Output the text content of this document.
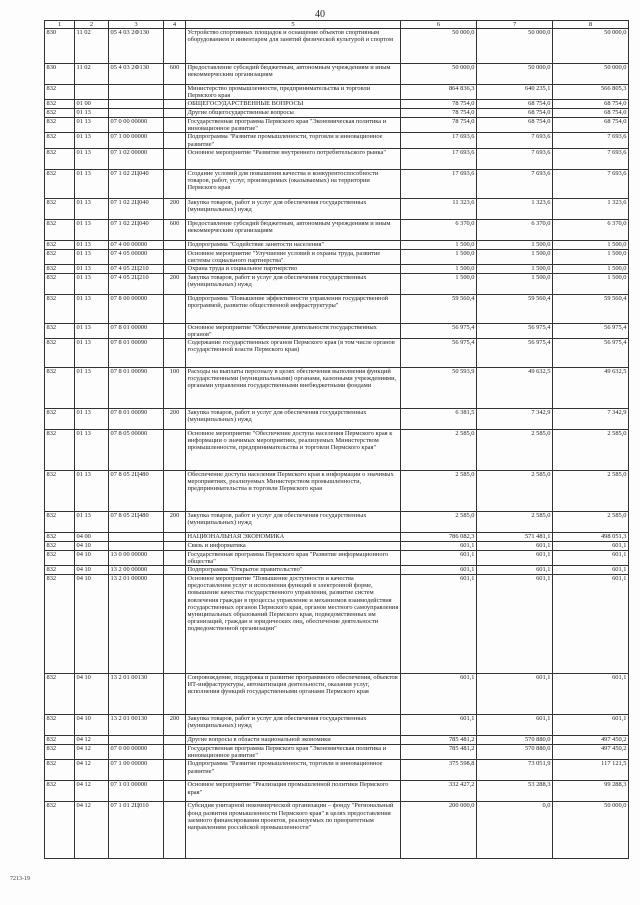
40
1	2	3	4	5	6	7	8
830	11 02	05 4 03 2Ф130		Устройство спортивных площадок и оснащение объектов спортивным оборудованием и инвентарем для занятий физической культурой и спортом	50 000,0	50 000,0	50 000,0
830	11 02	05 4 03 2Ф130	600	Предоставление субсидий бюджетным, автономным учреждениям и иным некоммерческим организациям	50 000,0	50 000,0	50 000,0
832				Министерство промышленности, предпринимательства и торговли Пермского края	864 836,3	640 235,1	566 805,3
832	01 00			ОБЩЕГОСУДАРСТВЕННЫЕ ВОПРОСЫ	78 754,0	68 754,0	68 754,0
832	01 13			Другие общегосударственные вопросы	78 754,0	68 754,0	68 754,0
832	01 13	07 0 00 00000		Государственная программа Пермского края "Экономическая политика и инновационное развитие"	78 754,0	68 754,0	68 754,0
832	01 13	07 1 00 00000		Подпрограмма "Развитие промышленности, торговли и инновационное развитие"	17 693,6	7 693,6	7 693,6
832	01 13	07 1 02 00000		Основное мероприятие "Развитие внутреннего потребительского рынка"	17 693,6	7 693,6	7 693,6
832	01 13	07 1 02 2Ц040		Создание условий для повышения качества и конкурентоспособности товаров, работ, услуг, производимых (оказываемых) на территории Пермского края	17 693,6	7 693,6	7 693,6
832	01 13	07 1 02 2Ц040	200	Закупка товаров, работ и услуг для обеспечения государственных (муниципальных) нужд	11 323,6	1 323,6	1 323,6
832	01 13	07 1 02 2Ц040	600	Предоставление субсидий бюджетным, автономным учреждениям и иным некоммерческим организациям	6 370,0	6 370,0	6 370,0
832	01 13	07 4 00 00000		Подпрограмма "Содействие занятости населения"	1 500,0	1 500,0	1 500,0
832	01 13	07 4 05 00000		Основное мероприятие "Улучшение условий и охраны труда, развитие системы социального партнерства"	1 500,0	1 500,0	1 500,0
832	01 13	07 4 05 2Ц210		Охрана труда и социальное партнерство	1 500,0	1 500,0	1 500,0
832	01 13	07 4 05 2Ц210	200	Закупка товаров, работ и услуг для обеспечения государственных (муниципальных) нужд	1 500,0	1 500,0	1 500,0
832	01 13	07 8 00 00000		Подпрограмма "Повышение эффективности управления государственной программой, развитие общественной инфраструктуры"	59 560,4	59 560,4	59 560,4
832	01 13	07 8 01 00000		Основное мероприятие "Обеспечение деятельности государственных органов"	56 975,4	56 975,4	56 975,4
832	01 13	07 8 01 00090		Содержание государственных органов Пермского края (в том числе органов государственной власти Пермского края)	56 975,4	56 975,4	56 975,4
832	01 13	07 8 01 00090	100	Расходы на выплаты персоналу в целях обеспечения выполнения функций государственными (муниципальными) органами, казенными учреждениями, органами управления государственными внебюджетными фондами	50 593,9	49 632,5	49 632,5
832	01 13	07 8 01 00090	200	Закупка товаров, работ и услуг для обеспечения государственных (муниципальных) нужд	6 381,5	7 342,9	7 342,9
832	01 13	07 8 05 00000		Основное мероприятие "Обеспечение доступа населения Пермского края к информации о значимых мероприятиях, реализуемых Министерством промышленности, предпринимательства и торговли Пермского края"	2 585,0	2 585,0	2 585,0
832	01 13	07 8 05 2Ц480		Обеспечение доступа населения Пермского края к информации о значимых мероприятиях, реализуемых Министерством промышленности, предпринимательства и торговли Пермского края	2 585,0	2 585,0	2 585,0
832	01 13	07 8 05 2Ц480	200	Закупка товаров, работ и услуг для обеспечения государственных (муниципальных) нужд	2 585,0	2 585,0	2 585,0
832	04 00			НАЦИОНАЛЬНАЯ ЭКОНОМИКА	786 082,3	571 481,1	498 051,3
832	04 10			Связь и информатика	601,1	601,1	601,1
832	04 10	13 0 00 00000		Государственная программа Пермского края "Развитие информационного общества"	601,1	601,1	601,1
832	04 10	13 2 00 00000		Подпрограмма "Открытое правительство"	601,1	601,1	601,1
832	04 10	13 2 01 00000		Основное мероприятие "Повышение доступности и качества предоставления услуг и исполнения функций в электронной форме, повышение качества государственного управления, развитие систем вовлечения граждан в процессы управление и механизмов взаимодействия государственных органов Пермского края, органов местного самоуправления муниципальных образований Пермского края, подведомственных им организаций, граждан и юридических лиц, обеспечение деятельности подведомственной организации"	601,1	601,1	601,1
832	04 10	13 2 01 00130		Сопровождение, поддержка и развитие программного обеспечения, объектов ИТ-инфраструктуры, автоматизация деятельности, оказания услуг, исполнения функций государственными органами Пермского края	601,1	601,1	601,1
832	04 10	13 2 01 00130	200	Закупка товаров, работ и услуг для обеспечения государственных (муниципальных) нужд	601,1	601,1	601,1
832	04 12			Другие вопросы в области национальной экономики	785 481,2	570 880,0	497 450,2
832	04 12	07 0 00 00000		Государственная программа Пермского края "Экономическая политика и инновационное развитие"	785 481,2	570 880,0	497 450,2
832	04 12	07 1 00 00000		Подпрограмма "Развитие промышленности, торговли и инновационное развитие"	375 598,8	73 051,9	117 121,5
832	04 12	07 1 01 00000		Основное мероприятие "Реализация промышленной политики Пермского края"	332 427,2	53 288,3	99 288,3
832	04 12	07 1 01 2Ц010		Субсидия унитарной некоммерческой организации – фонду "Региональный фонд развития промышленности Пермского края" в целях предоставления заемного финансирования проектов, реализуемых по приоритетным направлениям российской промышленности"	200 000,0	0,0	50 000,0
7213-19
